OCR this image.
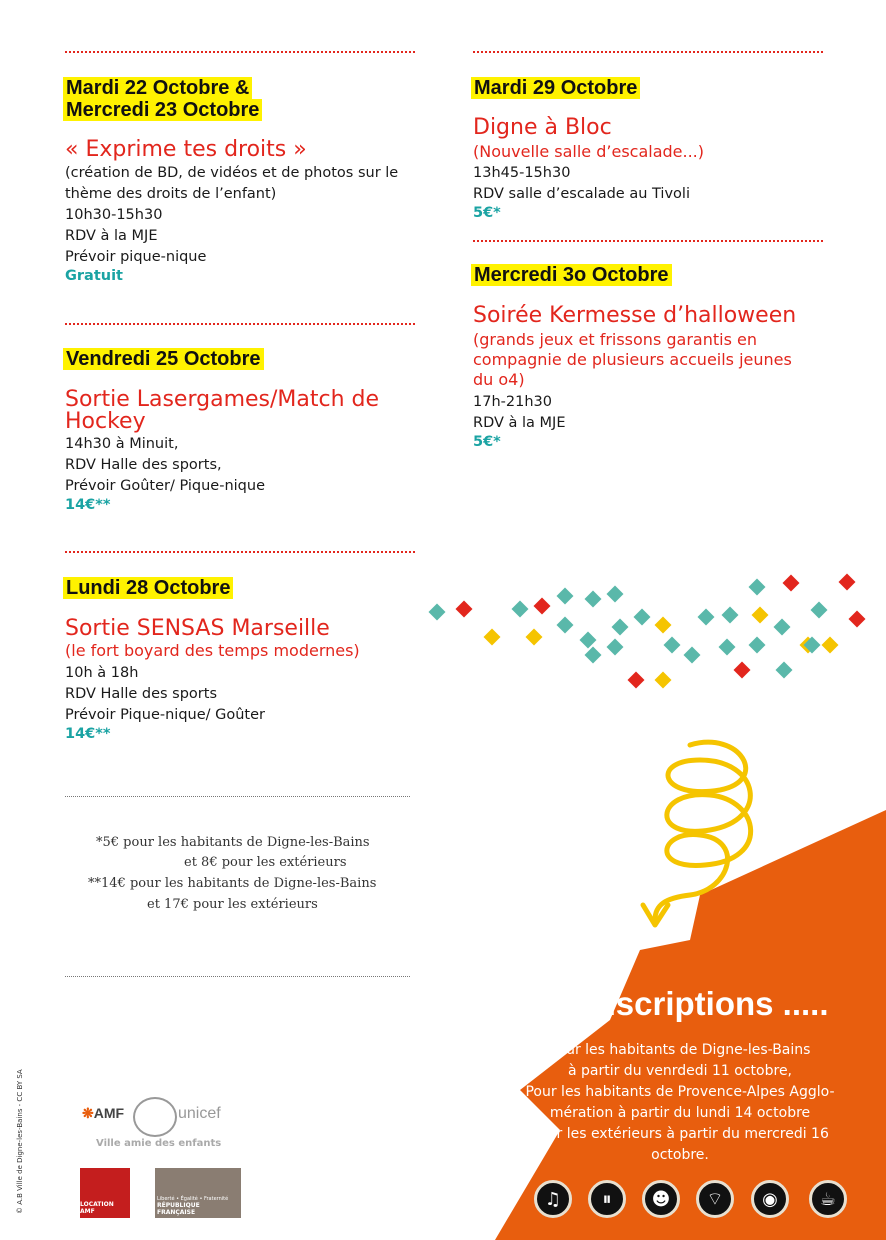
Mardi 22 Octobre &
Mercredi 23 Octobre
« Exprime tes droits »
(création de BD, de vidéos et de photos sur le thème des droits de l’enfant)
10h30-15h30
RDV à la MJE
Prévoir pique-nique
Gratuit
Vendredi 25 Octobre
Sortie Lasergames/Match de Hockey
14h30 à Minuit,
RDV Halle des sports,
Prévoir Goûter/ Pique-nique
14€**
Lundi 28 Octobre
Sortie SENSAS Marseille
(le fort boyard des temps modernes)
10h à 18h
RDV Halle des sports
Prévoir Pique-nique/ Goûter
14€**
*5€ pour les habitants de Digne-les-Bains
et 8€ pour les extérieurs
**14€ pour les habitants de Digne-les-Bains
et 17€ pour les extérieurs
Mardi 29 Octobre
Digne à Bloc
(Nouvelle salle d’escalade...)
13h45-15h30
RDV salle d’escalade au Tivoli
5€*
Mercredi 3o Octobre
Soirée Kermesse d’halloween
(grands jeux et frissons garantis en compagnie de plusieurs accueils jeunes du o4)
17h-21h30
RDV à la MJE
5€*
..... Inscriptions .....
Pour les habitants de Digne-les-Bains
à partir du venrdedi 11 octobre,
Pour les habitants de Provence-Alpes Agglo-
mération à partir du lundi 14 octobre
Pour les extérieurs à partir du mercredi 16
octobre.
♫	⏸	☻	⌔	◉	☕
❋AMF	unicef
Ville amie des enfants
LOCATION AMF
Liberté • Égalité • Fraternité
RÉPUBLIQUE FRANÇAISE
© A.B Ville de Digne-les-Bains - CC BY SA
